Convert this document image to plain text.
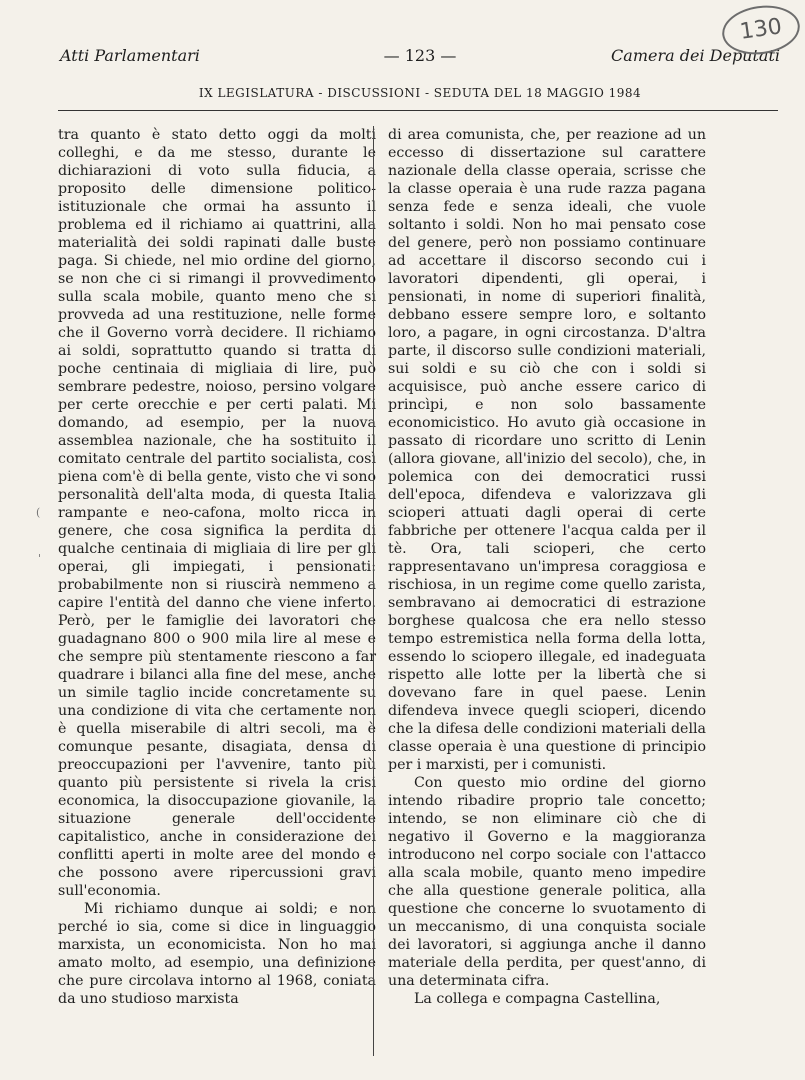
Atti Parlamentari	— 123 —	Camera dei Deputati
130
IX LEGISLATURA - DISCUSSIONI - SEDUTA DEL 18 MAGGIO 1984

tra quanto è stato detto oggi da molti colleghi, e da me stesso, durante le dichiarazioni di voto sulla fiducia, a proposito delle dimensione politico-istituzionale che ormai ha assunto il problema ed il richiamo ai quattrini, alla materialità dei soldi rapinati dalle buste paga. Si chiede, nel mio ordine del giorno, se non che ci si rimangi il provvedimento sulla scala mobile, quanto meno che si provveda ad una restituzione, nelle forme che il Governo vorrà decidere. Il richiamo ai soldi, soprattutto quando si tratta di poche centinaia di migliaia di lire, può sembrare pedestre, noioso, persino volgare per certe orecchie e per certi palati. Mi domando, ad esempio, per la nuova assemblea nazionale, che ha sostituito il comitato centrale del partito socialista, così piena com'è di bella gente, visto che vi sono personalità dell'alta moda, di questa Italia rampante e neo-cafona, molto ricca in genere, che cosa significa la perdita di qualche centinaia di migliaia di lire per gli operai, gli impiegati, i pensionati: probabilmente non si riuscirà nemmeno a capire l'entità del danno che viene inferto. Però, per le famiglie dei lavoratori che guadagnano 800 o 900 mila lire al mese e che sempre più stentamente riescono a far quadrare i bilanci alla fine del mese, anche un simile taglio incide concretamente su una condizione di vita che certamente non è quella miserabile di altri secoli, ma è comunque pesante, disagiata, densa di preoccupazioni per l'avvenire, tanto più quanto più persistente si rivela la crisi economica, la disoccupazione giovanile, la situazione generale dell'occidente capitalistico, anche in considerazione dei conflitti aperti in molte aree del mondo e che possono avere ripercussioni gravi sull'economia.

Mi richiamo dunque ai soldi; e non perché io sia, come si dice in linguaggio marxista, un economicista. Non ho mai amato molto, ad esempio, una definizione che pure circolava intorno al 1968, coniata da uno studioso marxista

di area comunista, che, per reazione ad un eccesso di dissertazione sul carattere nazionale della classe operaia, scrisse che la classe operaia è una rude razza pagana senza fede e senza ideali, che vuole soltanto i soldi. Non ho mai pensato cose del genere, però non possiamo continuare ad accettare il discorso secondo cui i lavoratori dipendenti, gli operai, i pensionati, in nome di superiori finalità, debbano essere sempre loro, e soltanto loro, a pagare, in ogni circostanza. D'altra parte, il discorso sulle condizioni materiali, sui soldi e su ciò che con i soldi si acquisisce, può anche essere carico di princìpi, e non solo bassamente economicistico. Ho avuto già occasione in passato di ricordare uno scritto di Lenin (allora giovane, all'inizio del secolo), che, in polemica con dei democratici russi dell'epoca, difendeva e valorizzava gli scioperi attuati dagli operai di certe fabbriche per ottenere l'acqua calda per il tè. Ora, tali scioperi, che certo rappresentavano un'impresa coraggiosa e rischiosa, in un regime come quello zarista, sembravano ai democratici di estrazione borghese qualcosa che era nello stesso tempo estremistica nella forma della lotta, essendo lo sciopero illegale, ed inadeguata rispetto alle lotte per la libertà che si dovevano fare in quel paese. Lenin difendeva invece quegli scioperi, dicendo che la difesa delle condizioni materiali della classe operaia è una questione di principio per i marxisti, per i comunisti.

Con questo mio ordine del giorno intendo ribadire proprio tale concetto; intendo, se non eliminare ciò che di negativo il Governo e la maggioranza introducono nel corpo sociale con l'attacco alla scala mobile, quanto meno impedire che alla questione generale politica, alla questione che concerne lo svuotamento di un meccanismo, di una conquista sociale dei lavoratori, si aggiunga anche il danno materiale della perdita, per quest'anno, di una determinata cifra.

La collega e compagna Castellina,

(
'
